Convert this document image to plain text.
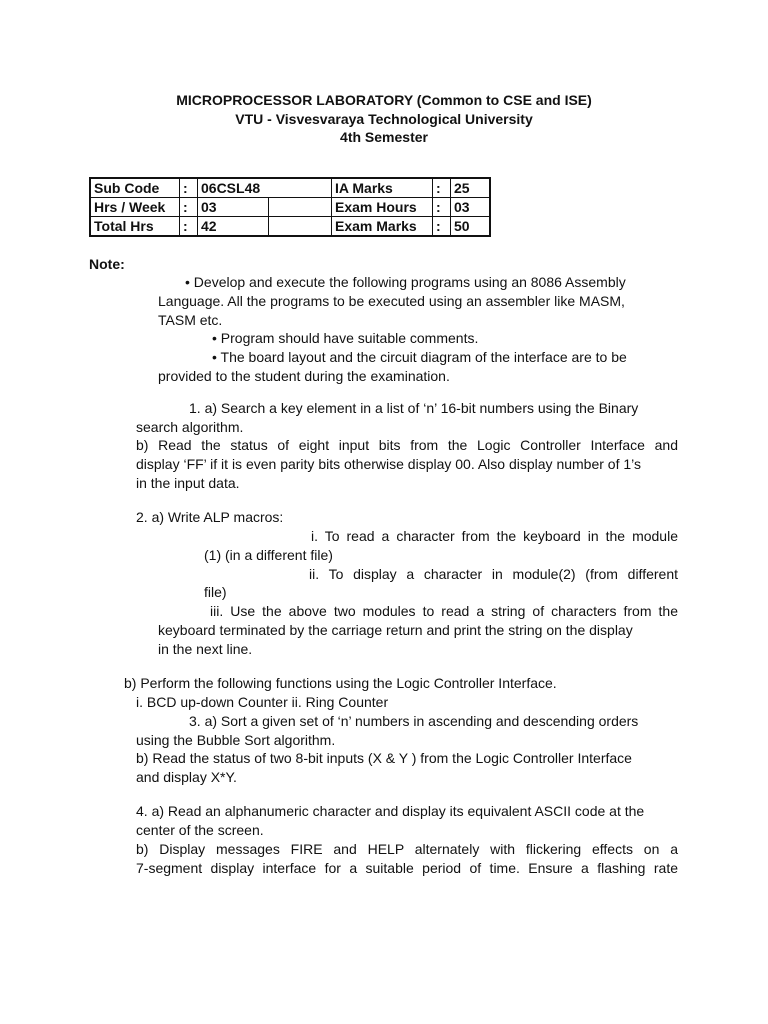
MICROPROCESSOR LABORATORY (Common to CSE and ISE)
VTU - Visvesvaraya Technological University
4th Semester
Sub Code	:	06CSL48		IA Marks	:	25
Hrs / Week	:	03		Exam Hours	:	03
Total Hrs	:	42		Exam Marks	:	50
Note:
• Develop and execute the following programs using an 8086 Assembly
Language. All the programs to be executed using an assembler like MASM,
TASM etc.
• Program should have suitable comments.
• The board layout and the circuit diagram of the interface are to be
provided to the student during the examination.
1. a) Search a key element in a list of ‘n’ 16-bit numbers using the Binary
search algorithm.
b) Read the status of eight input bits from the Logic Controller Interface and
display ‘FF’ if it is even parity bits otherwise display 00. Also display number of 1’s
in the input data.
2. a) Write ALP macros:
i. To read a character from the keyboard in the module
(1) (in a different file)
ii. To display a character in module(2) (from different
file)
iii. Use the above two modules to read a string of characters from the
keyboard terminated by the carriage return and print the string on the display
in the next line.
b) Perform the following functions using the Logic Controller Interface.
i. BCD up-down Counter ii. Ring Counter
3. a) Sort a given set of ‘n’ numbers in ascending and descending orders
using the Bubble Sort algorithm.
b) Read the status of two 8-bit inputs (X & Y ) from the Logic Controller Interface
and display X*Y.
4. a) Read an alphanumeric character and display its equivalent ASCII code at the
center of the screen.
b) Display messages FIRE and HELP alternately with flickering effects on a
7-segment display interface for a suitable period of time. Ensure a flashing rate
